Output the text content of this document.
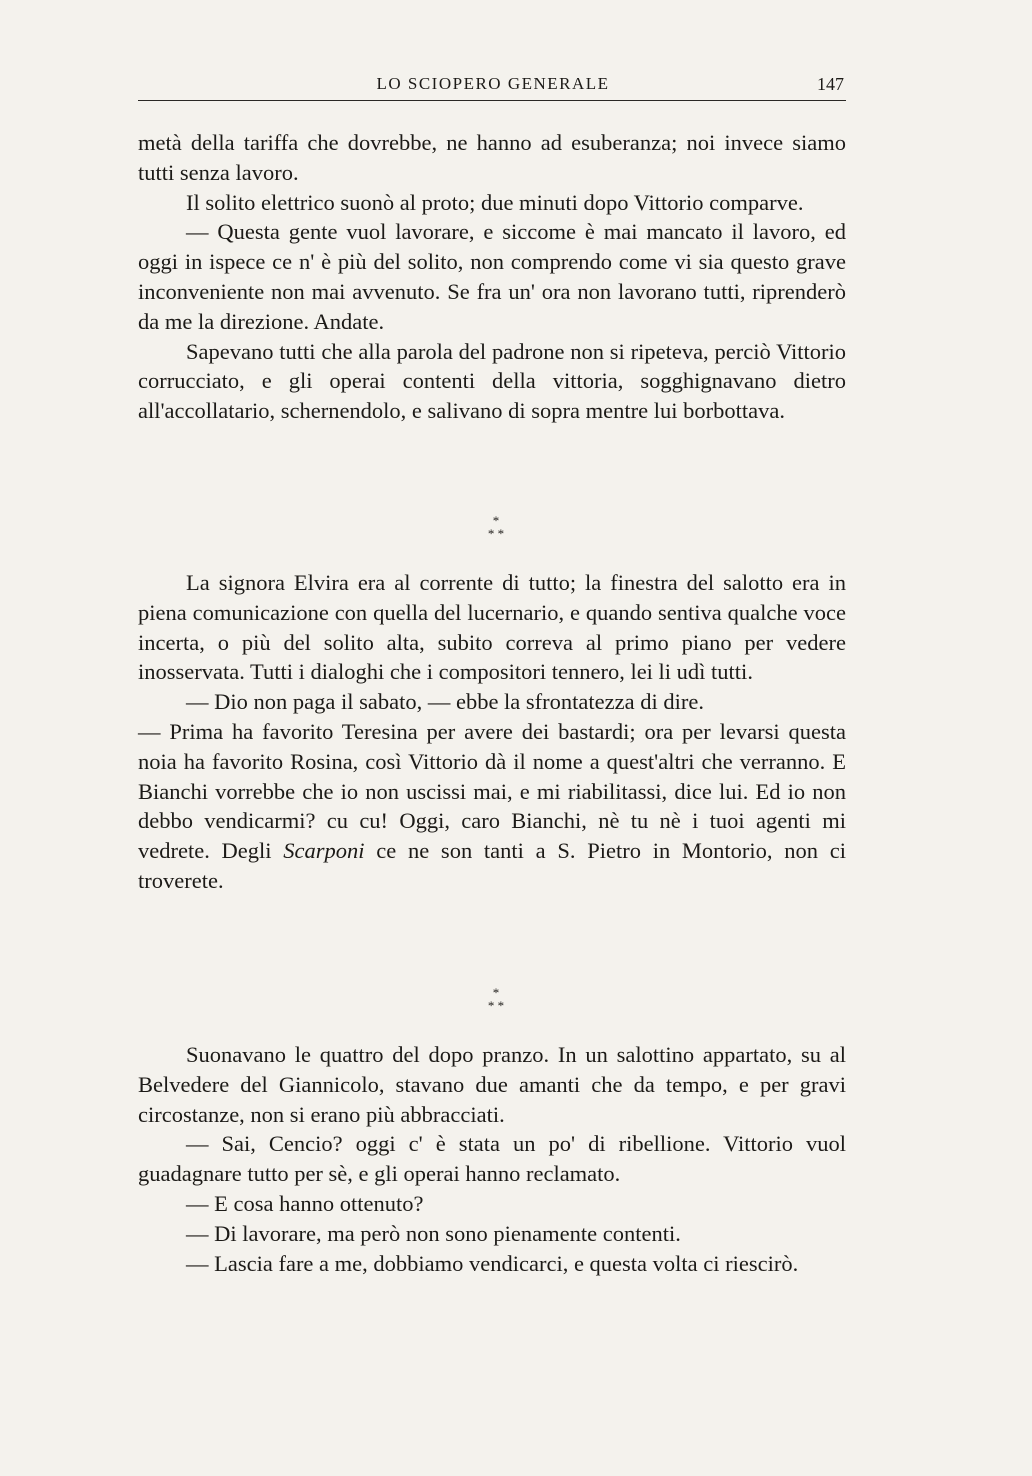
LO SCIOPERO GENERALE	147

metà della tariffa che dovrebbe, ne hanno ad esuberanza; noi invece siamo tutti senza lavoro.

Il solito elettrico suonò al proto; due minuti dopo Vittorio comparve.

— Questa gente vuol lavorare, e siccome è mai mancato il lavoro, ed oggi in ispece ce n' è più del solito, non comprendo come vi sia questo grave inconveniente non mai avvenuto. Se fra un' ora non lavorano tutti, riprenderò da me la direzione. Andate.

Sapevano tutti che alla parola del padrone non si ripeteva, perciò Vittorio corrucciato, e gli operai contenti della vittoria, sogghignavano dietro all'accollatario, schernendolo, e salivano di sopra mentre lui borbottava.

*
* *

La signora Elvira era al corrente di tutto; la finestra del salotto era in piena comunicazione con quella del lucernario, e quando sentiva qualche voce incerta, o più del solito alta, subito correva al primo piano per vedere inosservata. Tutti i dialoghi che i compositori tennero, lei li udì tutti.

— Dio non paga il sabato, — ebbe la sfrontatezza di dire.

— Prima ha favorito Teresina per avere dei bastardi; ora per levarsi questa noia ha favorito Rosina, così Vittorio dà il nome a quest'altri che verranno. E Bianchi vorrebbe che io non uscissi mai, e mi riabilitassi, dice lui. Ed io non debbo vendicarmi? cu cu! Oggi, caro Bianchi, nè tu nè i tuoi agenti mi vedrete. Degli Scarponi ce ne son tanti a S. Pietro in Montorio, non ci troverete.

*
* *

Suonavano le quattro del dopo pranzo. In un salottino appartato, su al Belvedere del Giannicolo, stavano due amanti che da tempo, e per gravi circostanze, non si erano più abbracciati.

— Sai, Cencio? oggi c' è stata un po' di ribellione. Vittorio vuol guadagnare tutto per sè, e gli operai hanno reclamato.

— E cosa hanno ottenuto?

— Di lavorare, ma però non sono pienamente contenti.

— Lascia fare a me, dobbiamo vendicarci, e questa volta ci riescirò.
